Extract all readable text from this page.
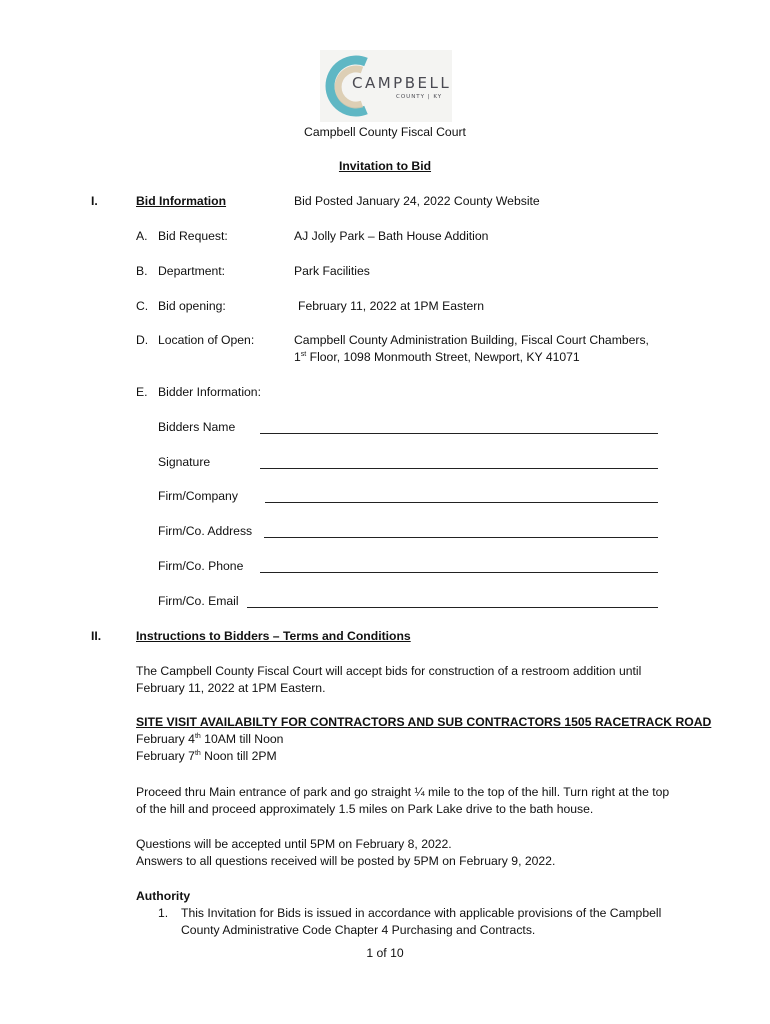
CAMPBELL
COUNTY | KY
Campbell County Fiscal Court
Invitation to Bid
I.	Bid Information	Bid Posted January 24, 2022 County Website
A. Bid Request:	AJ Jolly Park – Bath House Addition
B. Department:	Park Facilities
C. Bid opening:	February 11, 2022 at 1PM Eastern
D. Location of Open:	Campbell County Administration Building, Fiscal Court Chambers,
1st Floor, 1098 Monmouth Street, Newport, KY 41071
E. Bidder Information:
Bidders Name
Signature
Firm/Company
Firm/Co. Address
Firm/Co. Phone
Firm/Co. Email
II.	Instructions to Bidders – Terms and Conditions
The Campbell County Fiscal Court will accept bids for construction of a restroom addition until
February 11, 2022 at 1PM Eastern.
SITE VISIT AVAILABILTY FOR CONTRACTORS AND SUB CONTRACTORS 1505 RACETRACK ROAD
February 4th 10AM till Noon
February 7th Noon till 2PM
Proceed thru Main entrance of park and go straight ¼ mile to the top of the hill. Turn right at the top
of the hill and proceed approximately 1.5 miles on Park Lake drive to the bath house.
Questions will be accepted until 5PM on February 8, 2022.
Answers to all questions received will be posted by 5PM on February 9, 2022.
Authority
1. This Invitation for Bids is issued in accordance with applicable provisions of the Campbell
County Administrative Code Chapter 4 Purchasing and Contracts.
1 of 10
